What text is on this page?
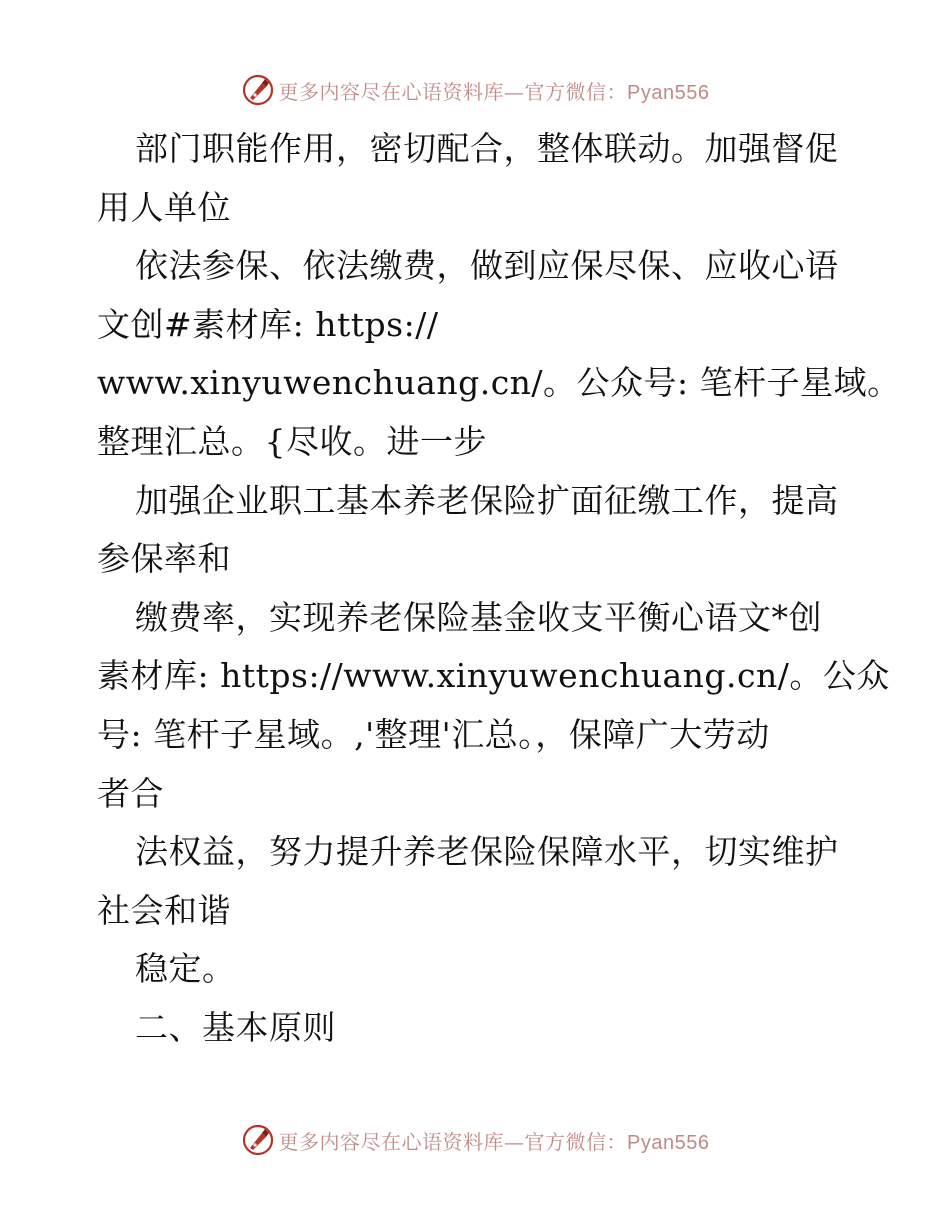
更多内容尽在心语资料库—官方微信：Pyan556
部门职能作用，密切配合，整体联动。加强督促
用人单位
依法参保、依法缴费，做到应保尽保、应收心语
文创#素材库: https://
www.xinyuwenchuang.cn/。公众号: 笔杆子星域。
整理汇总。{尽收。进一步
加强企业职工基本养老保险扩面征缴工作，提高
参保率和
缴费率，实现养老保险基金收支平衡心语文*创
素材库: https://www.xinyuwenchuang.cn/。公众
号: 笔杆子星域。,'整理'汇总。，保障广大劳动
者合
法权益，努力提升养老保险保障水平，切实维护
社会和谐
稳定。
二、基本原则
更多内容尽在心语资料库—官方微信：Pyan556
